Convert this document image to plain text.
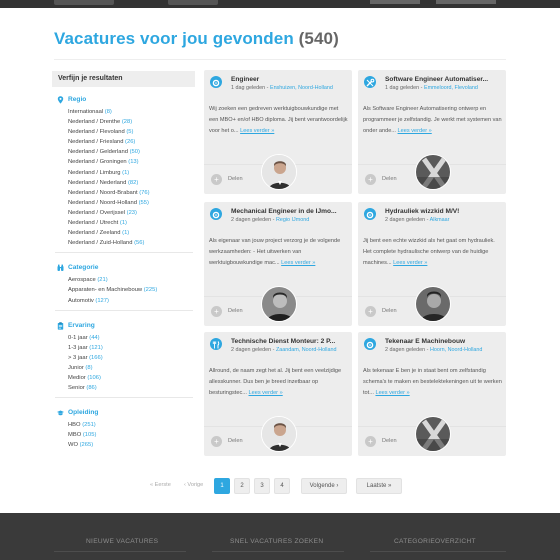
Vacatures voor jou gevonden (540)
Verfijn je resultaten
Regio
Internationaal (8)
Nederland / Drenthe (28)
Nederland / Flevoland (5)
Nederland / Friesland (26)
Nederland / Gelderland (50)
Nederland / Groningen (13)
Nederland / Limburg (1)
Nederland / Nederland (82)
Nederland / Noord-Brabant (76)
Nederland / Noord-Holland (55)
Nederland / Overijssel (23)
Nederland / Utrecht (1)
Nederland / Zeeland (1)
Nederland / Zuid-Holland (56)
Categorie
Aerospace (21)
Apparaten- en Machinebouw (225)
Automotiv (127)
Ervaring
0-1 jaar (44)
1-3 jaar (121)
> 3 jaar (166)
Junior (8)
Medior (106)
Senior (86)
Opleiding
HBO (251)
MBO (105)
WO (265)
Engineer
1 dag geleden - Enshuizen, Noord-Holland
Wij zoeken een gedreven werktuigbouwkundige met een MBO+ en/of HBO diploma. Jij bent verantwoordelijk voor het o... Lees verder »
+	Delen
Software Engineer Automatiser...
1 dag geleden - Emmeloord, Flevoland
Als Software Engineer Automatisering ontwerp en programmeer je zelfstandig. Je werkt met systemen van onder ande... Lees verder »
+	Delen
Mechanical Engineer in de IJmo...
2 dagen geleden - Regio IJmond
Als eigenaar van jouw project verzorg je de volgende werkzaamheden: - Het uitwerken van werktuigbouwkundige mac... Lees verder »
+	Delen
Hydrauliek wizzkid M/V!
2 dagen geleden - Alkmaar
Jij bent een echte wizzkid als het gaat om hydrauliek. Het complete hydraulische ontwerp van de huidige machines... Lees verder »
+	Delen
Technische Dienst Monteur: 2 P...
2 dagen geleden - Zaandam, Noord-Holland
Allround, de naam zegt het al. Jij bent een veelzijdige allesskunner. Dus ben je breed inzetbaar op besturingstec... Lees verder »
+	Delen
Tekenaar E Machinebouw
2 dagen geleden - Hoorn, Noord-Holland
Als tekenaar E ben je in staat bent om zelfstandig schema's te maken en bestelektekeningen uit te werken tot... Lees verder »
+	Delen
« Eerste ‹ Vorige	1	2	3	4	Volgende ›	Laatste »
NIEUWE VACATURES	SNEL VACATURES ZOEKEN	CATEGORIEOVERZICHT
